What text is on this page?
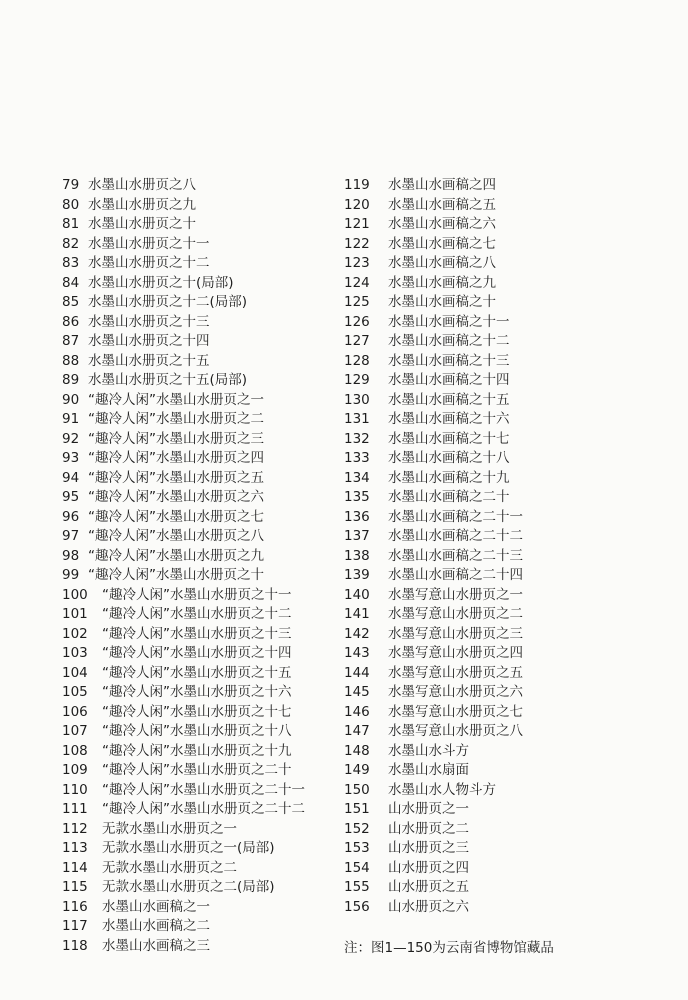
79 水墨山水册页之八
80 水墨山水册页之九
81 水墨山水册页之十
82 水墨山水册页之十一
83 水墨山水册页之十二
84 水墨山水册页之十(局部)
85 水墨山水册页之十二(局部)
86 水墨山水册页之十三
87 水墨山水册页之十四
88 水墨山水册页之十五
89 水墨山水册页之十五(局部)
90 “趣冷人闲”水墨山水册页之一
91 “趣冷人闲”水墨山水册页之二
92 “趣冷人闲”水墨山水册页之三
93 “趣冷人闲”水墨山水册页之四
94 “趣冷人闲”水墨山水册页之五
95 “趣冷人闲”水墨山水册页之六
96 “趣冷人闲”水墨山水册页之七
97 “趣冷人闲”水墨山水册页之八
98 “趣冷人闲”水墨山水册页之九
99 “趣冷人闲”水墨山水册页之十
100	“趣冷人闲”水墨山水册页之十一
101	“趣冷人闲”水墨山水册页之十二
102	“趣冷人闲”水墨山水册页之十三
103	“趣冷人闲”水墨山水册页之十四
104	“趣冷人闲”水墨山水册页之十五
105	“趣冷人闲”水墨山水册页之十六
106	“趣冷人闲”水墨山水册页之十七
107	“趣冷人闲”水墨山水册页之十八
108	“趣冷人闲”水墨山水册页之十九
109	“趣冷人闲”水墨山水册页之二十
110	“趣冷人闲”水墨山水册页之二十一
111	“趣冷人闲”水墨山水册页之二十二
112	无款水墨山水册页之一
113	无款水墨山水册页之一(局部)
114	无款水墨山水册页之二
115	无款水墨山水册页之二(局部)
116	水墨山水画稿之一
117	水墨山水画稿之二
118	水墨山水画稿之三
119	水墨山水画稿之四
120	水墨山水画稿之五
121	水墨山水画稿之六
122	水墨山水画稿之七
123	水墨山水画稿之八
124	水墨山水画稿之九
125	水墨山水画稿之十
126	水墨山水画稿之十一
127	水墨山水画稿之十二
128	水墨山水画稿之十三
129	水墨山水画稿之十四
130	水墨山水画稿之十五
131	水墨山水画稿之十六
132	水墨山水画稿之十七
133	水墨山水画稿之十八
134	水墨山水画稿之十九
135	水墨山水画稿之二十
136	水墨山水画稿之二十一
137	水墨山水画稿之二十二
138	水墨山水画稿之二十三
139	水墨山水画稿之二十四
140	水墨写意山水册页之一
141	水墨写意山水册页之二
142	水墨写意山水册页之三
143	水墨写意山水册页之四
144	水墨写意山水册页之五
145	水墨写意山水册页之六
146	水墨写意山水册页之七
147	水墨写意山水册页之八
148	水墨山水斗方
149	水墨山水扇面
150	水墨山水人物斗方
151	山水册页之一
152	山水册页之二
153	山水册页之三
154	山水册页之四
155	山水册页之五
156	山水册页之六
注：图1—150为云南省博物馆藏品
